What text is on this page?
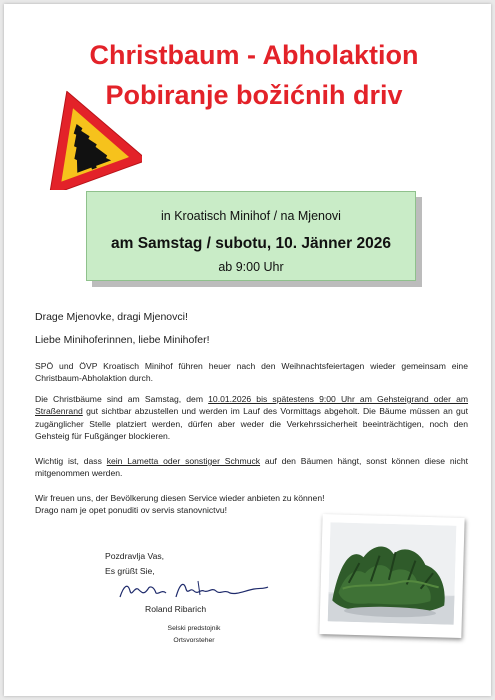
Christbaum - Abholaktion
Pobiranje božićnih driv
in Kroatisch Minihof / na Mjenovi
am Samstag / subotu, 10. Jänner 2026
ab 9:00 Uhr
Drage Mjenovke, dragi Mjenovci!
Liebe Minihoferinnen, liebe Minihofer!
SPÖ und ÖVP Kroatisch Minihof führen heuer nach den Weihnachtsfeiertagen wieder gemeinsam eine Christbaum-Abholaktion durch.
Die Christbäume sind am Samstag, dem 10.01.2026 bis spätestens 9:00 Uhr am Gehsteigrand oder am Straßenrand gut sichtbar abzustellen und werden im Lauf des Vormittags abgeholt. Die Bäume müssen an gut zugänglicher Stelle platziert werden, dürfen aber weder die Verkehrssicherheit beeinträchtigen, noch den Gehsteig für Fußgänger blockieren.
Wichtig ist, dass kein Lametta oder sonstiger Schmuck auf den Bäumen hängt, sonst können diese nicht mitgenommen werden.
Wir freuen uns, der Bevölkerung diesen Service wieder anbieten zu können!
Drago nam je opet ponuditi ov servis stanovnictvu!
Pozdravlja Vas,
Es grüßt Sie,
Roland Ribarich
Selski predstojnik
Ortsvorsteher
